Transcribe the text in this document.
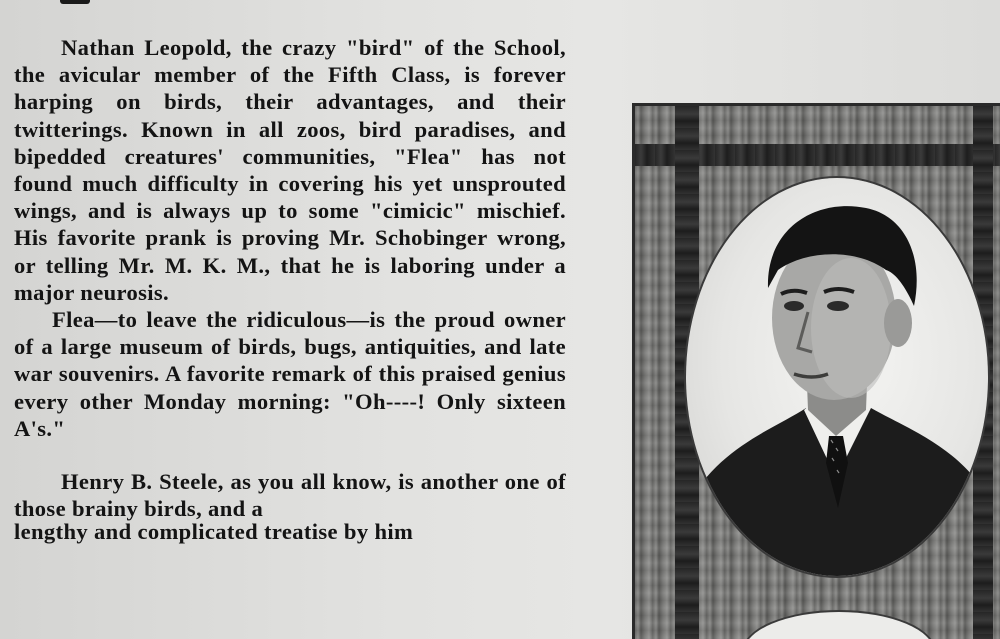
Nathan Leopold, the crazy "bird" of the School, the avicular member of the Fifth Class, is forever harping on birds, their advantages, and their twitterings. Known in all zoos, bird paradises, and bipedded creatures' communities, "Flea" has not found much difficulty in covering his yet unsprouted wings, and is always up to some "cimicic" mischief. His favorite prank is proving Mr. Schobinger wrong, or telling Mr. M. K. M., that he is laboring under a major neurosis.

Flea—to leave the ridiculous—is the proud owner of a large museum of birds, bugs, antiquities, and late war souvenirs. A favorite remark of this praised genius every other Monday morning: "Oh----! Only sixteen A's."

Henry B. Steele, as you all know, is another one of those brainy birds, and a

lengthy and complicated treatise by him
